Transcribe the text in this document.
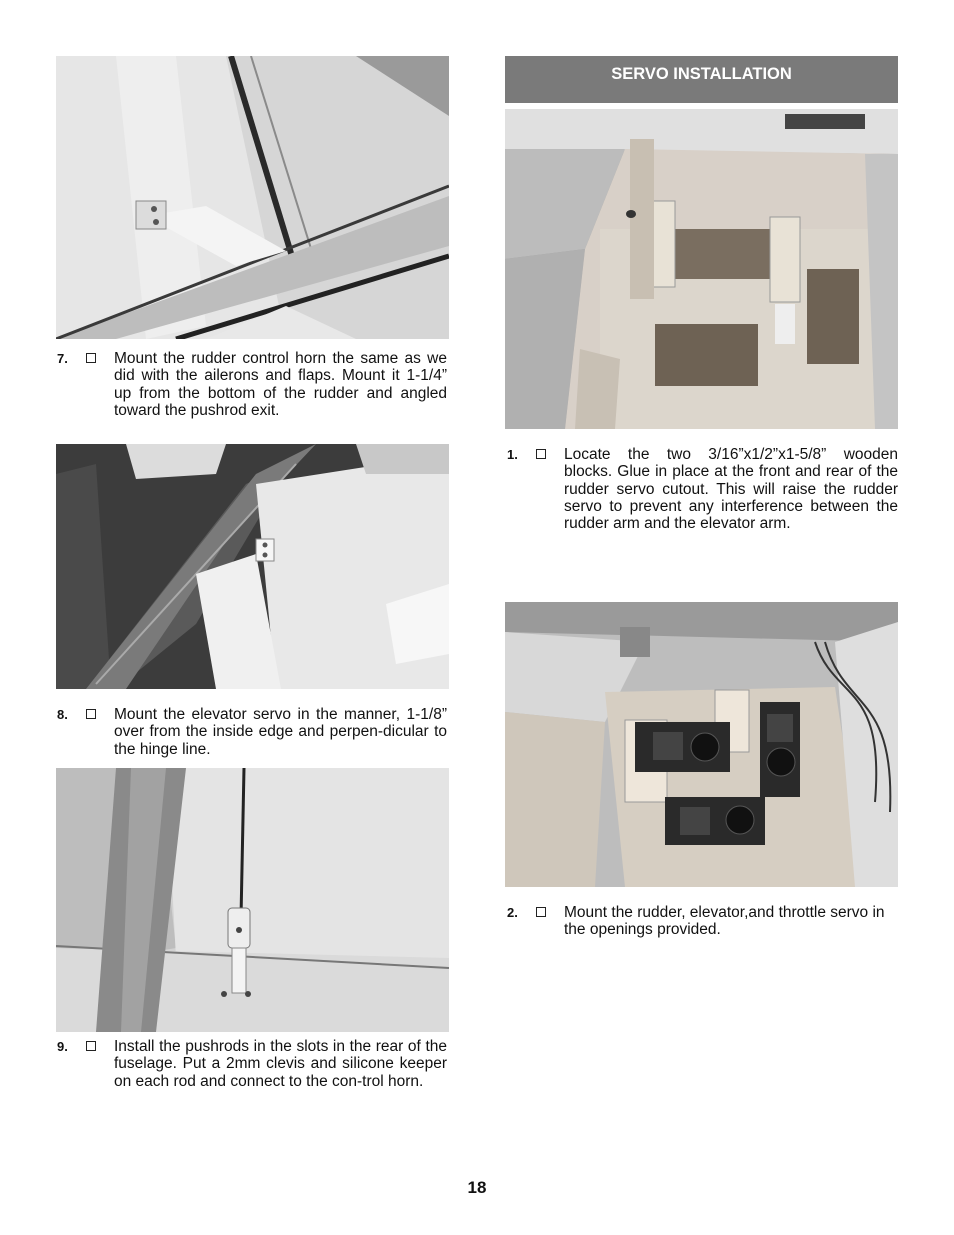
7.	Mount the rudder control horn the same as we did with the ailerons and flaps. Mount it 1-1/4” up from the bottom of the rudder and angled toward the pushrod exit.
8.	Mount the elevator servo in the manner, 1-1/8” over from the inside edge and perpen-dicular to the hinge line.
9.	Install the pushrods in the slots in the rear of the fuselage. Put a 2mm clevis and silicone keeper on each rod and connect to the con-trol horn.
SERVO INSTALLATION
1.	Locate the two 3/16”x1/2”x1-5/8” wooden blocks. Glue in place at the front and rear of the rudder servo cutout. This will raise the rudder servo to prevent any interference between the rudder arm and the elevator arm.
2.	Mount the rudder, elevator,and throttle servo in the openings provided.
18
